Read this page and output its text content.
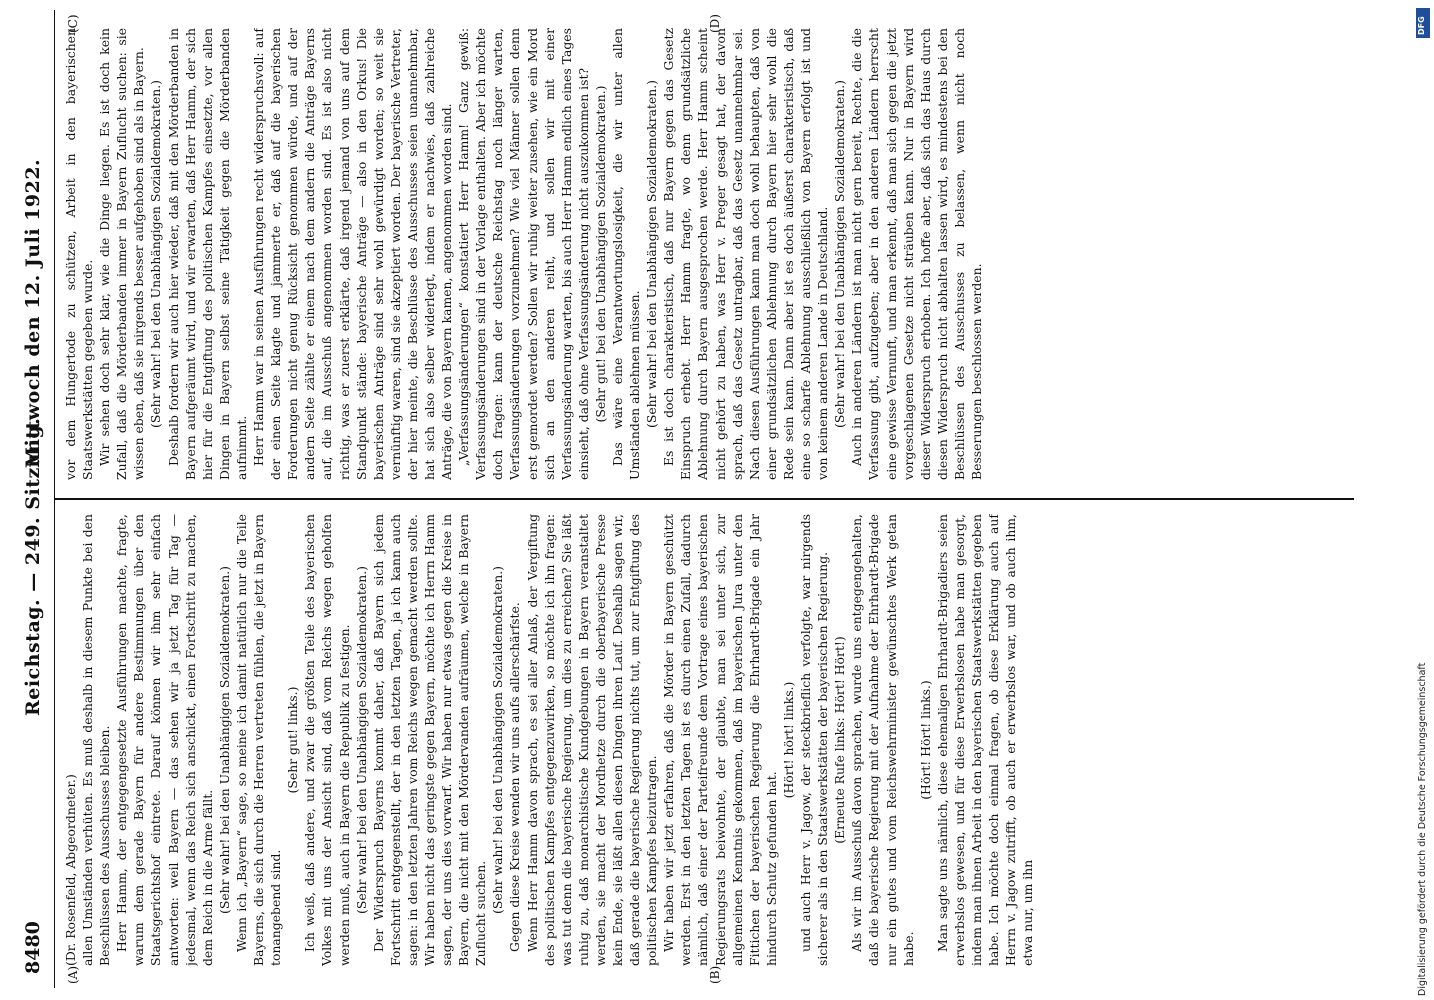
8480
Reichstag. — 249. Sitzung.
Mittwoch den 12. Juli 1922.
(A)	(B)
(C)	(D)

(Dr. Rosenfeld, Abgeordneter.) allen Umständen verhüten. Es muß deshalb in diesem Punkte bei den Beschlüssen des Ausschusses bleiben. Herr Hamm, der entgegengesetzte Ausführungen machte, fragte, warum dem gerade Bayern für andere Bestimmungen über den Staatsgerichtshof eintrete. Darauf können wir ihm sehr einfach antworten: weil Bayern — das sehen wir ja jetzt Tag für Tag — jedesmal, wenn das Reich sich anschickt, einen Fortschritt zu machen, dem Reich in die Arme fällt. (Sehr wahr! bei den Unabhängigen Sozialdemokraten.) Wenn ich „Bayern“ sage, so meine ich damit natürlich nur die Teile Bayerns, die sich durch die Herren vertreten fühlen, die jetzt in Bayern tonangebend sind.

(Sehr gut! links.) Ich weiß, daß andere, und zwar die größten Teile des bayerischen Volkes mit uns der Ansicht sind, daß vom Reichs wegen geholfen werden muß, auch in Bayern die Republik zu festigen. (Sehr wahr! bei den Unabhängigen Sozialdemokraten.) Der Widerspruch Bayerns kommt daher, daß Bayern sich jedem Fortschritt entgegenstellt, der in den letzten Tagen, ja ich kann auch sagen: in den letzten Jahren vom Reichs wegen gemacht werden sollte. Wir haben nicht das geringste gegen Bayern, möchte ich Herrn Hamm sagen, der uns dies vorwarf. Wir haben nur etwas gegen die Kreise in Bayern, die nicht mit den Mördervanden aufräumen, welche in Bayern Zuflucht suchen. (Sehr wahr! bei den Unabhängigen Sozialdemokraten.) Gegen diese Kreise wenden wir uns aufs allerschärfste. Wenn Herr Hamm davon sprach, es sei aller Anlaß, der Vergiftung des politischen Kampfes entgegenzuwirken, so möchte ich ihn fragen: was tut denn die bayerische Regierung, um dies zu erreichen? Sie läßt ruhig zu, daß monarchistische Kundgebungen in Bayern veranstaltet werden, sie macht der Mordhetze durch die oberbayerische Presse kein Ende, sie läßt allen diesen Dingen ihren Lauf. Deshalb sagen wir, daß gerade die bayerische Regierung nichts tut, um zur Entgiftung des politischen Kampfes beizutragen. Wir haben wir jetzt erfahren, daß die Mörder in Bayern geschützt werden. Erst in den letzten Tagen ist es durch einen Zufall, dadurch nämlich, daß einer der Parteifreunde dem Vortrage eines bayerischen Regierungsrats beiwohnte, der glaubte, man sei unter sich, zur allgemeinen Kenntnis gekommen, daß im bayerischen Jura unter den Fittichen der bayerischen Regierung die Ehrhardt-Brigade ein Jahr hindurch Schutz gefunden hat.

(Hört! hört! links.) und auch Herr v. Jagow, der steckbrieflich verfolgte, war nirgends sicherer als in den Staatswerkstätten der bayerischen Regierung. (Erneute Rufe links: Hört! Hört!) Als wir im Ausschuß davon sprachen, wurde uns entgegengehalten, daß die bayerische Regierung mit der Aufnahme der Ehrhardt-Brigade nur ein gutes und vom Reichswehrminister gewünschtes Werk getan habe.

(Hört! Hört! links.) Man sagte uns nämlich, diese ehemaligen Ehrhardt-Brigadiers seien erwerbslos gewesen, und für diese Erwerbslosen habe man gesorgt, indem man ihnen Arbeit in den bayerischen Staatswerkstätten gegeben habe. Ich möchte doch einmal fragen, ob diese Erklärung auch auf Herrn v. Jagow zutrifft, ob auch er erwerbslos war, und ob auch ihm, etwa nur, um ihn

vor dem Hungertode zu schützen, Arbeit in den bayerischen Staatswerkstätten gegeben wurde. Wir sehen doch sehr klar, wie die Dinge liegen. Es ist doch kein Zufall, daß die Mörderbanden immer in Bayern Zuflucht suchen: sie wissen eben, daß sie nirgends besser aufgehoben sind als in Bayern. (Sehr wahr! bei den Unabhängigen Sozialdemokraten.) Deshalb fordern wir auch hier wieder, daß mit den Mörderbanden in Bayern aufgeräumt wird, und wir erwarten, daß Herr Hamm, der sich hier für die Entgiftung des politischen Kampfes einsetzte, vor allen Dingen in Bayern selbst seine Tätigkeit gegen die Mörderbanden aufnimmt. Herr Hamm war in seinen Ausführungen recht widerspruchsvoll: auf der einen Seite klagte und jammerte er, daß auf die bayerischen Forderungen nicht genug Rücksicht genommen würde, und auf der andern Seite zählte er einem nach dem andern die Anträge Bayerns auf, die im Ausschuß angenommen worden sind. Es ist also nicht richtig, was er zuerst erklärte, daß irgend jemand von uns auf dem Standpunkt stände: bayerische Anträge — also in den Orkus! Die bayerischen Anträge sind sehr wohl gewürdigt worden; so weit sie vernünftig waren, sind sie akzeptiert worden. Der bayerische Vertreter, der hier meinte, die Beschlüsse des Ausschusses seien unannehmbar, hat sich also selber widerlegt, indem er nachwies, daß zahlreiche Anträge, die von Bayern kamen, angenommen worden sind. „Verfassungsänderungen“ konstatiert Herr Hamm! Ganz gewiß: Verfassungsänderungen sind in der Vorlage enthalten. Aber ich möchte doch fragen: kann der deutsche Reichstag noch länger warten, Verfassungsänderungen vorzunehmen? Wie viel Männer sollen denn erst gemordet werden? Sollen wir ruhig weiter zusehen, wie ein Mord sich an den anderen reiht, und sollen wir mit einer Verfassungsänderung warten, bis auch Herr Hamm endlich eines Tages einsieht, daß ohne Verfassungsänderung nicht auszukommen ist? (Sehr gut! bei den Unabhängigen Sozialdemokraten.) Das wäre eine Verantwortungslosigkeit, die wir unter allen Umständen ablehnen müssen. (Sehr wahr! bei den Unabhängigen Sozialdemokraten.) Es ist doch charakteristisch, daß nur Bayern gegen das Gesetz Einspruch erhebt. Herr Hamm fragte, wo denn grundsätzliche Ablehnung durch Bayern ausgesprochen werde. Herr Hamm scheint nicht gehört zu haben, was Herr v. Preger gesagt hat, der davon sprach, daß das Gesetz untragbar, daß das Gesetz unannehmbar sei. Nach diesen Ausführungen kann man doch wohl behaupten, daß von einer grundsätzlichen Ablehnung durch Bayern hier sehr wohl die Rede sein kann. Dann aber ist es doch äußerst charakteristisch, daß eine so scharfe Ablehnung ausschließlich von Bayern erfolgt ist und von keinem anderen Lande in Deutschland. (Sehr wahr! bei den Unabhängigen Sozialdemokraten.) Auch in anderen Ländern ist man nicht gern bereit, Rechte, die die Verfassung gibt, aufzugeben; aber in den anderen Ländern herrscht eine gewisse Vernunft, und man erkennt, daß man sich gegen die jetzt vorgeschlagenen Gesetze nicht sträuben kann. Nur in Bayern wird dieser Widerspruch erhoben. Ich hoffe aber, daß sich das Haus durch diesen Widerspruch nicht abhalten lassen wird, es mindestens bei den Beschlüssen des Ausschusses zu belassen, wenn nicht noch Besserungen beschlossen werden.

Digitalisierung gefördert durch die Deutsche Forschungsgemeinschaft
DFG
